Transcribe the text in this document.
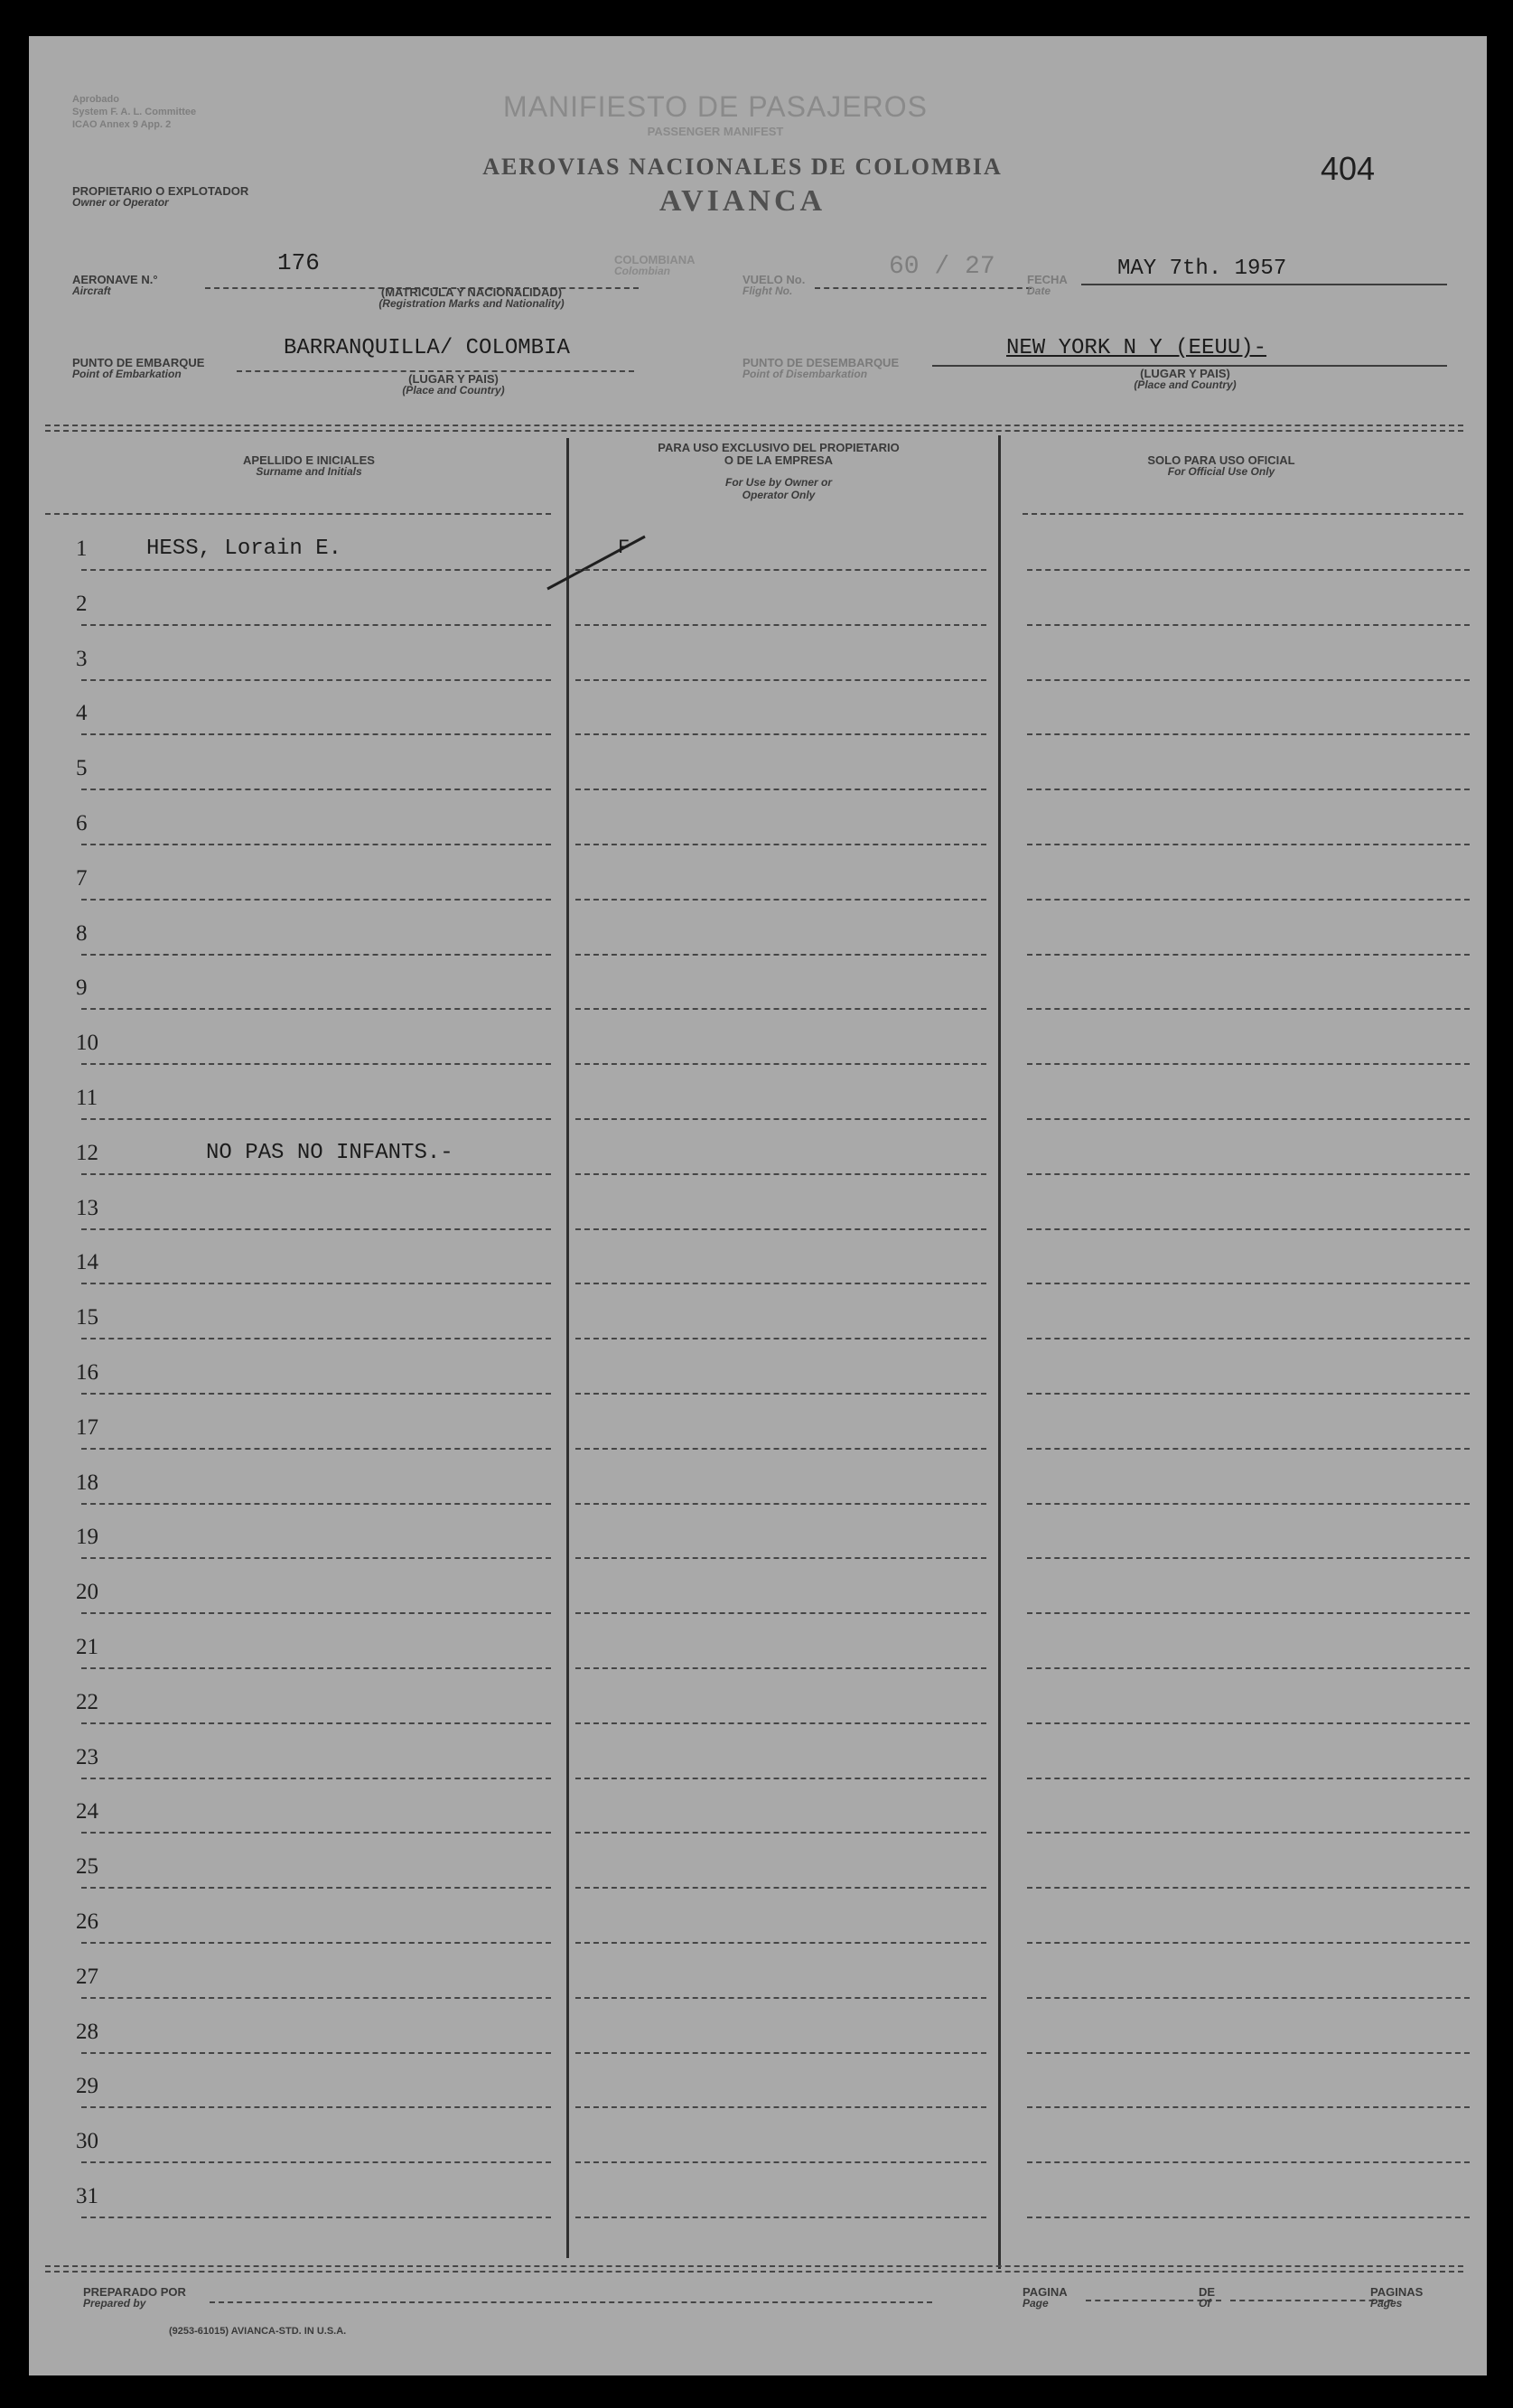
Aprobado
System F. A. L. Committee
ICAO Annex 9 App. 2
MANIFIESTO DE PASAJEROS
PASSENGER MANIFEST
AEROVIAS NACIONALES DE COLOMBIA
AVIANCA
404
PROPIETARIO O EXPLOTADOR
Owner or Operator
AERONAVE N.°
Aircraft
176
(MATRICULA Y NACIONALIDAD)
(Registration Marks and Nationality)
COLOMBIANA
Colombian
VUELO No.
Flight No.
60 / 27	FECHA
Date
MAY 7th. 1957
PUNTO DE EMBARQUE
Point of Embarkation
BARRANQUILLA/ COLOMBIA
(LUGAR Y PAIS)
(Place and Country)
PUNTO DE DESEMBARQUE
Point of Disembarkation
NEW YORK N Y (EEUU)-
(LUGAR Y PAIS)
(Place and Country)
APELLIDO E INICIALES
Surname and Initials
PARA USO EXCLUSIVO DEL PROPIETARIO
O DE LA EMPRESA
For Use by Owner or
Operator Only
SOLO PARA USO OFICIAL
For Official Use Only
1	HESS, Lorain E.	F
2
3
4
5
6
7
8
9
10
11
12	NO PAS NO INFANTS.-
13
14
15
16
17
18
19
20
21
22
23
24
25
26
27
28
29
30
31
PREPARADO POR
Prepared by
(9253-61015) AVIANCA-STD. IN U.S.A.
PAGINA
Page
DE
Of
PAGINAS
Pages
